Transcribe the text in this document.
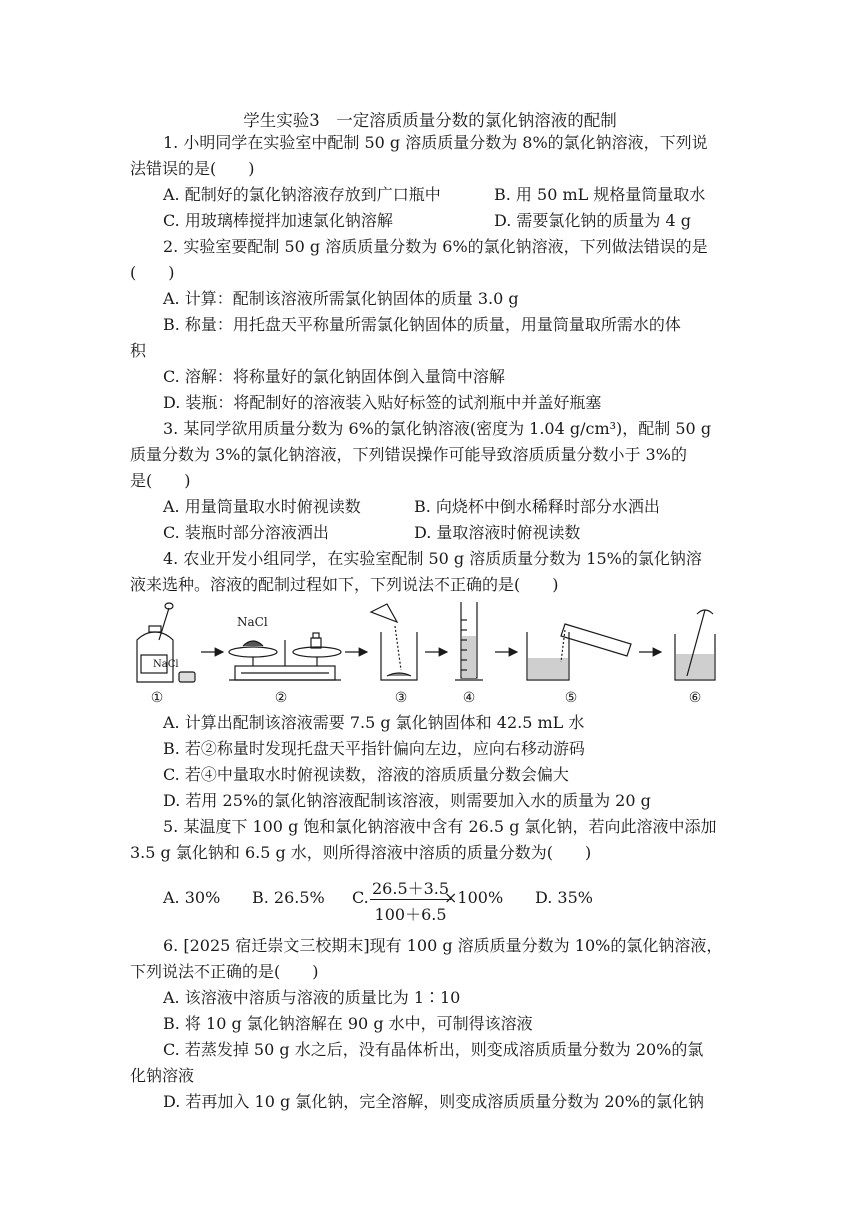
学生实验3　一定溶质质量分数的氯化钠溶液的配制
1. 小明同学在实验室中配制 50 g 溶质质量分数为 8%的氯化钠溶液，下列说
法错误的是(　　)
A. 配制好的氯化钠溶液存放到广口瓶中	B. 用 50 mL 规格量筒量取水
C. 用玻璃棒搅拌加速氯化钠溶解	D. 需要氯化钠的质量为 4 g
2. 实验室要配制 50 g 溶质质量分数为 6%的氯化钠溶液，下列做法错误的是
(　　)
A. 计算：配制该溶液所需氯化钠固体的质量 3.0 g
B. 称量：用托盘天平称量所需氯化钠固体的质量，用量筒量取所需水的体
积
C. 溶解：将称量好的氯化钠固体倒入量筒中溶解
D. 装瓶：将配制好的溶液装入贴好标签的试剂瓶中并盖好瓶塞
3. 某同学欲用质量分数为 6%的氯化钠溶液(密度为 1.04 g/cm³)，配制 50 g
质量分数为 3%的氯化钠溶液，下列错误操作可能导致溶质质量分数小于 3%的
是(　　)
A. 用量筒量取水时俯视读数	B. 向烧杯中倒水稀释时部分水洒出
C. 装瓶时部分溶液洒出	D. 量取溶液时俯视读数
4. 农业开发小组同学，在实验室配制 50 g 溶质质量分数为 15%的氯化钠溶
液来选种。溶液的配制过程如下，下列说法不正确的是(　　)
NaCl
NaCl
①	②	③	④	⑤	⑥
A. 计算出配制该溶液需要 7.5 g 氯化钠固体和 42.5 mL 水
B. 若②称量时发现托盘天平指针偏向左边，应向右移动游码
C. 若④中量取水时俯视读数，溶液的溶质质量分数会偏大
D. 若用 25%的氯化钠溶液配制该溶液，则需要加入水的质量为 20 g
5. 某温度下 100 g 饱和氯化钠溶液中含有 26.5 g 氯化钠，若向此溶液中添加
3.5 g 氯化钠和 6.5 g 水，则所得溶液中溶质的质量分数为(　　)
A. 30% B. 26.5% C. $\frac{26.5+3.5}{100+6.5}$
×100% D. 35%
6. [2025 宿迁崇文三校期末]现有 100 g 溶质质量分数为 10%的氯化钠溶液，
下列说法不正确的是(　　)
A. 该溶液中溶质与溶液的质量比为 1∶10
B. 将 10 g 氯化钠溶解在 90 g 水中，可制得该溶液
C. 若蒸发掉 50 g 水之后，没有晶体析出，则变成溶质质量分数为 20%的氯
化钠溶液
D. 若再加入 10 g 氯化钠，完全溶解，则变成溶质质量分数为 20%的氯化钠
